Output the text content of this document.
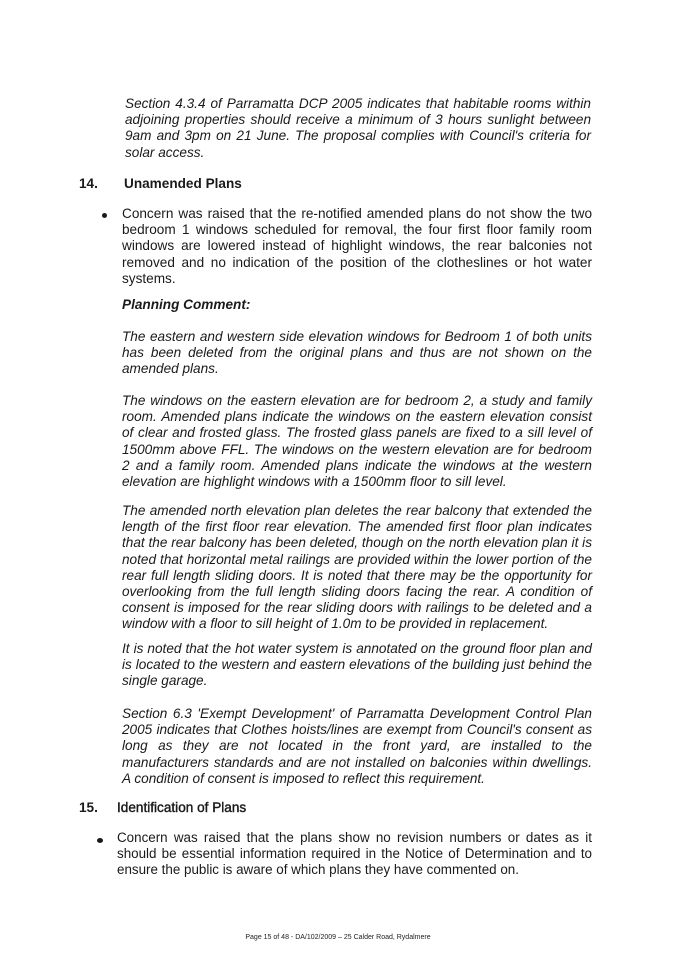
Section 4.3.4 of Parramatta DCP 2005 indicates that habitable rooms within adjoining properties should receive a minimum of 3 hours sunlight between 9am and 3pm on 21 June. The proposal complies with Council's criteria for solar access.

14. Unamended Plans

Concern was raised that the re-notified amended plans do not show the two bedroom 1 windows scheduled for removal, the four first floor family room windows are lowered instead of highlight windows, the rear balconies not removed and no indication of the position of the clotheslines or hot water systems.

Planning Comment:

The eastern and western side elevation windows for Bedroom 1 of both units has been deleted from the original plans and thus are not shown on the amended plans.

The windows on the eastern elevation are for bedroom 2, a study and family room. Amended plans indicate the windows on the eastern elevation consist of clear and frosted glass. The frosted glass panels are fixed to a sill level of 1500mm above FFL. The windows on the western elevation are for bedroom 2 and a family room. Amended plans indicate the windows at the western elevation are highlight windows with a 1500mm floor to sill level.

The amended north elevation plan deletes the rear balcony that extended the length of the first floor rear elevation. The amended first floor plan indicates that the rear balcony has been deleted, though on the north elevation plan it is noted that horizontal metal railings are provided within the lower portion of the rear full length sliding doors. It is noted that there may be the opportunity for overlooking from the full length sliding doors facing the rear. A condition of consent is imposed for the rear sliding doors with railings to be deleted and a window with a floor to sill height of 1.0m to be provided in replacement.

It is noted that the hot water system is annotated on the ground floor plan and is located to the western and eastern elevations of the building just behind the single garage.

Section 6.3 'Exempt Development' of Parramatta Development Control Plan 2005 indicates that Clothes hoists/lines are exempt from Council's consent as long as they are not located in the front yard, are installed to the manufacturers standards and are not installed on balconies within dwellings. A condition of consent is imposed to reflect this requirement.

15. Identification of Plans

Concern was raised that the plans show no revision numbers or dates as it should be essential information required in the Notice of Determination and to ensure the public is aware of which plans they have commented on.

Page 15 of 48 - DA/102/2009 – 25 Calder Road, Rydalmere
